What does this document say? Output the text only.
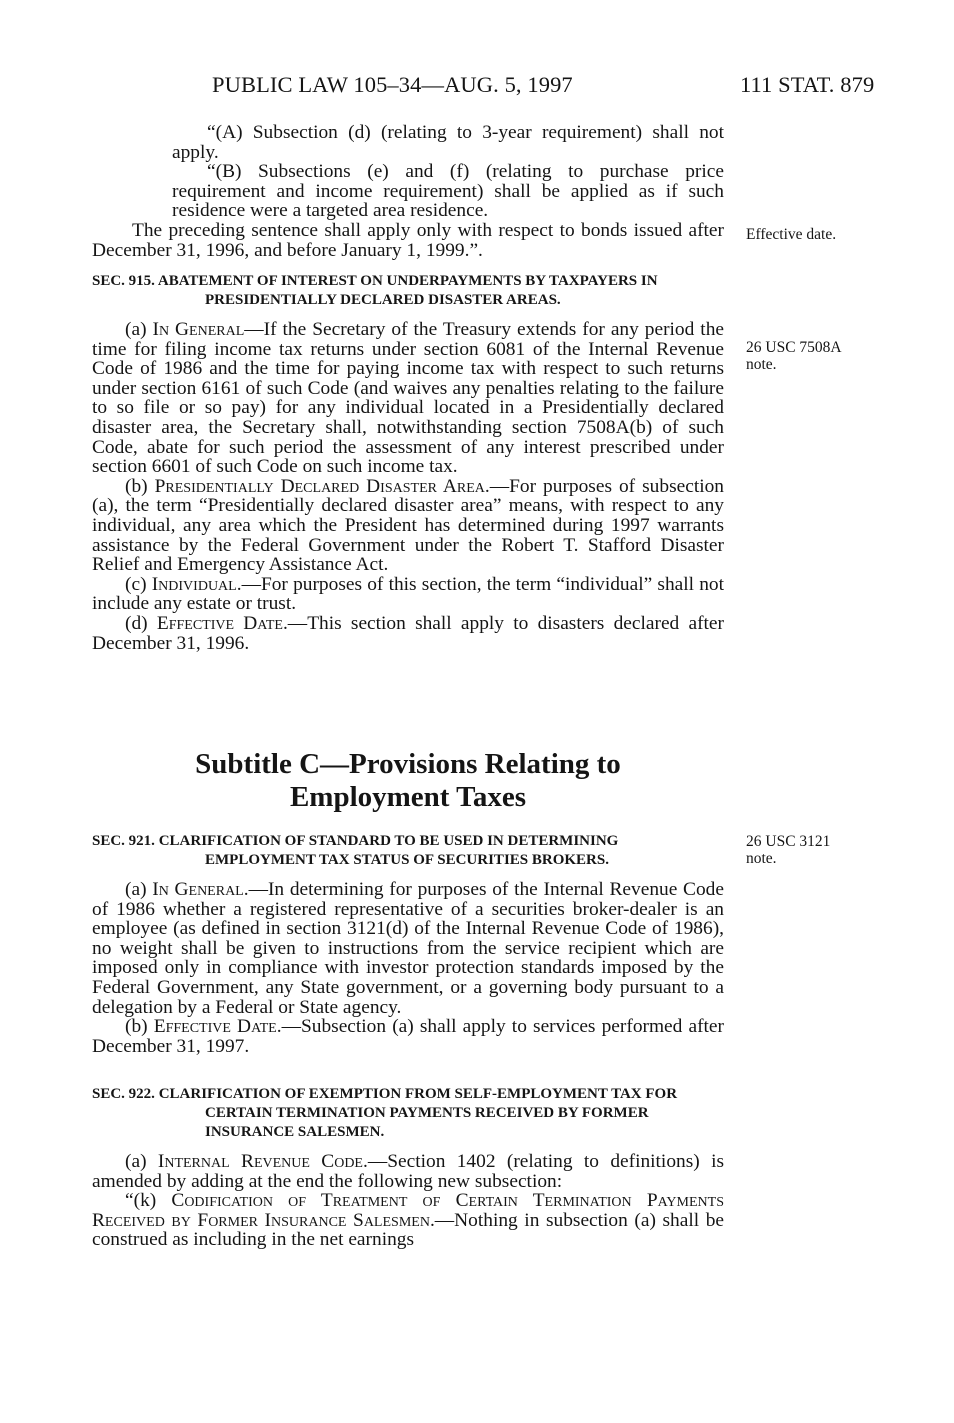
PUBLIC LAW 105–34—AUG. 5, 1997	111 STAT. 879

“(A) Subsection (d) (relating to 3-year requirement) shall not apply.

“(B) Subsections (e) and (f) (relating to purchase price requirement and income requirement) shall be applied as if such residence were a targeted area residence.

The preceding sentence shall apply only with respect to bonds issued after December 31, 1996, and before January 1, 1999.”.

Effective date.

SEC. 915. ABATEMENT OF INTEREST ON UNDERPAYMENTS BY TAXPAYERS IN PRESIDENTIALLY DECLARED DISASTER AREAS.

(a) In General—If the Secretary of the Treasury extends for any period the time for filing income tax returns under section 6081 of the Internal Revenue Code of 1986 and the time for paying income tax with respect to such returns under section 6161 of such Code (and waives any penalties relating to the failure to so file or so pay) for any individual located in a Presidentially declared disaster area, the Secretary shall, notwithstanding section 7508A(b) of such Code, abate for such period the assessment of any interest prescribed under section 6601 of such Code on such income tax.

(b) Presidentially Declared Disaster Area.—For purposes of subsection (a), the term “Presidentially declared disaster area” means, with respect to any individual, any area which the President has determined during 1997 warrants assistance by the Federal Government under the Robert T. Stafford Disaster Relief and Emergency Assistance Act.

(c) Individual.—For purposes of this section, the term “individual” shall not include any estate or trust.

(d) Effective Date.—This section shall apply to disasters declared after December 31, 1996.

26 USC 7508A
note.
Subtitle C—Provisions Relating to
Employment Taxes

SEC. 921. CLARIFICATION OF STANDARD TO BE USED IN DETERMINING EMPLOYMENT TAX STATUS OF SECURITIES BROKERS.

(a) In General.—In determining for purposes of the Internal Revenue Code of 1986 whether a registered representative of a securities broker-dealer is an employee (as defined in section 3121(d) of the Internal Revenue Code of 1986), no weight shall be given to instructions from the service recipient which are imposed only in compliance with investor protection standards imposed by the Federal Government, any State government, or a governing body pursuant to a delegation by a Federal or State agency.

(b) Effective Date.—Subsection (a) shall apply to services performed after December 31, 1997.

26 USC 3121
note.

SEC. 922. CLARIFICATION OF EXEMPTION FROM SELF-EMPLOYMENT TAX FOR CERTAIN TERMINATION PAYMENTS RECEIVED BY FORMER INSURANCE SALESMEN.

(a) Internal Revenue Code.—Section 1402 (relating to definitions) is amended by adding at the end the following new subsection:

“(k) Codification of Treatment of Certain Termination Payments Received by Former Insurance Salesmen.—Nothing in subsection (a) shall be construed as including in the net earnings
